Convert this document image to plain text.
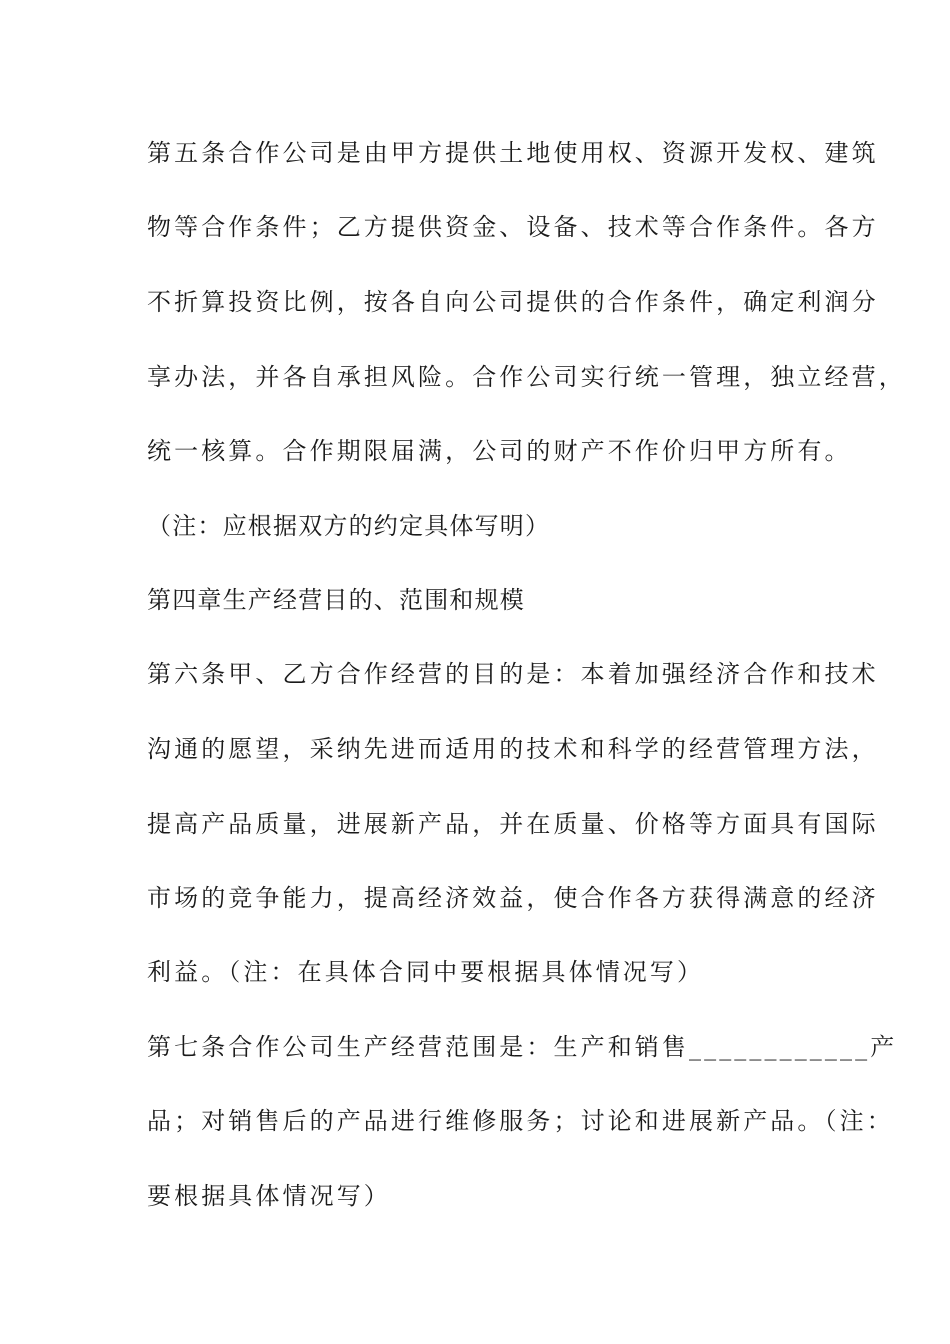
第五条合作公司是由甲方提供土地使用权、资源开发权、建筑
物等合作条件；乙方提供资金、设备、技术等合作条件。各方
不折算投资比例，按各自向公司提供的合作条件，确定利润分
享办法，并各自承担风险。合作公司实行统一管理，独立经营，
统一核算。合作期限届满，公司的财产不作价归甲方所有。
（注：应根据双方的约定具体写明）
第四章生产经营目的、范围和规模
第六条甲、乙方合作经营的目的是：本着加强经济合作和技术
沟通的愿望，采纳先进而适用的技术和科学的经营管理方法，
提高产品质量，进展新产品，并在质量、价格等方面具有国际
市场的竞争能力，提高经济效益，使合作各方获得满意的经济
利益。（注：在具体合同中要根据具体情况写）
第七条合作公司生产经营范围是：生产和销售____________产
品；对销售后的产品进行维修服务；讨论和进展新产品。（注：
要根据具体情况写）
